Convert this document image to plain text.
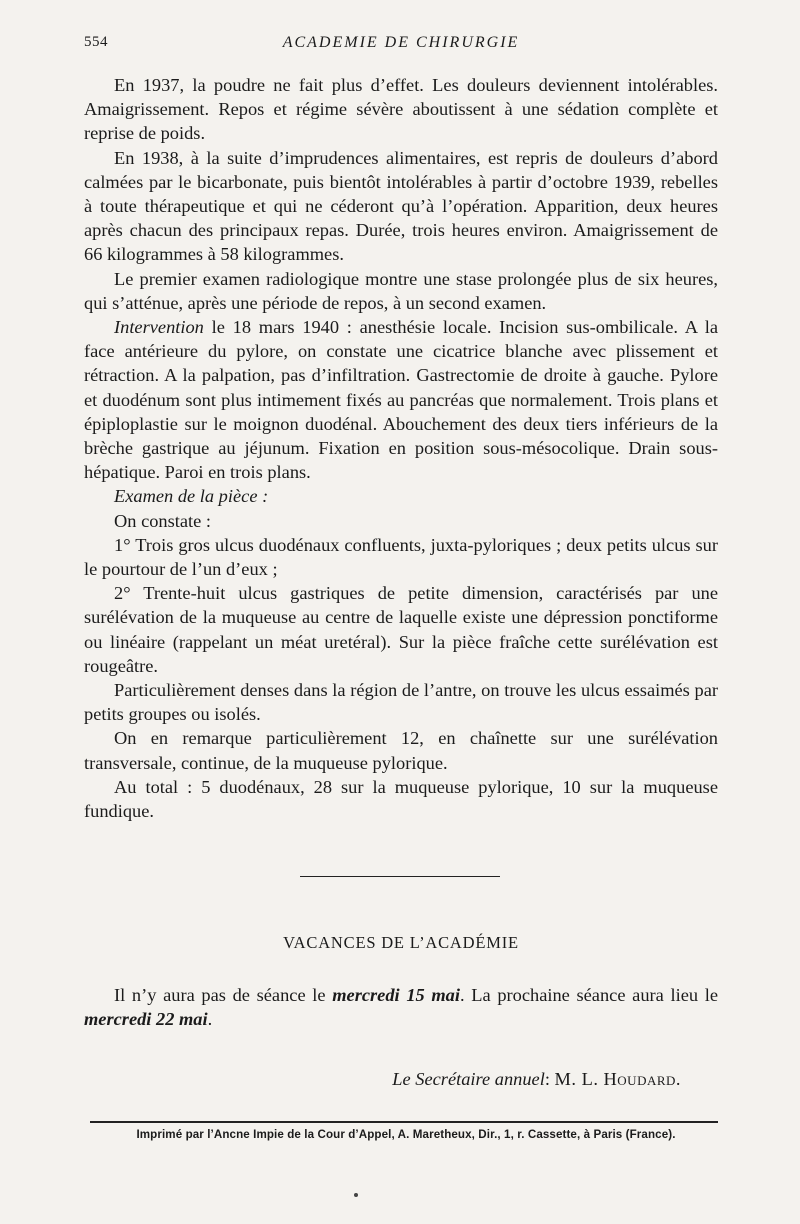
554	ACADEMIE DE CHIRURGIE

En 1937, la poudre ne fait plus d’effet. Les douleurs deviennent intolérables. Amaigrissement. Repos et régime sévère aboutissent à une sédation complète et reprise de poids.

En 1938, à la suite d’imprudences alimentaires, est repris de douleurs d’abord calmées par le bicarbonate, puis bientôt intolérables à partir d’octobre 1939, rebelles à toute thérapeutique et qui ne céderont qu’à l’opération. Apparition, deux heures après chacun des principaux repas. Durée, trois heures environ. Amaigrissement de 66 kilogrammes à 58 kilogrammes.

Le premier examen radiologique montre une stase prolongée plus de six heures, qui s’atténue, après une période de repos, à un second examen.

Intervention le 18 mars 1940 : anesthésie locale. Incision sus-ombilicale. A la face antérieure du pylore, on constate une cicatrice blanche avec plissement et rétraction. A la palpation, pas d’infiltration. Gastrectomie de droite à gauche. Pylore et duodénum sont plus intimement fixés au pancréas que normalement. Trois plans et épiploplastie sur le moignon duodénal. Abouchement des deux tiers inférieurs de la brèche gastrique au jéjunum. Fixation en position sous-mésocolique. Drain sous-hépatique. Paroi en trois plans.

Examen de la pièce :

On constate :

1° Trois gros ulcus duodénaux confluents, juxta-pyloriques ; deux petits ulcus sur le pourtour de l’un d’eux ;

2° Trente-huit ulcus gastriques de petite dimension, caractérisés par une surélévation de la muqueuse au centre de laquelle existe une dépression ponctiforme ou linéaire (rappelant un méat uretéral). Sur la pièce fraîche cette surélévation est rougeâtre.

Particulièrement denses dans la région de l’antre, on trouve les ulcus essaimés par petits groupes ou isolés.

On en remarque particulièrement 12, en chaînette sur une surélévation transversale, continue, de la muqueuse pylorique.

Au total : 5 duodénaux, 28 sur la muqueuse pylorique, 10 sur la muqueuse fundique.

VACANCES DE L’ACADÉMIE

Il n’y aura pas de séance le mercredi 15 mai. La prochaine séance aura lieu le mercredi 22 mai.

Le Secrétaire annuel: M. L. Houdard.
Imprimé par l’Ancne Impie de la Cour d’Appel, A. Maretheux, Dir., 1, r. Cassette, à Paris (France).
